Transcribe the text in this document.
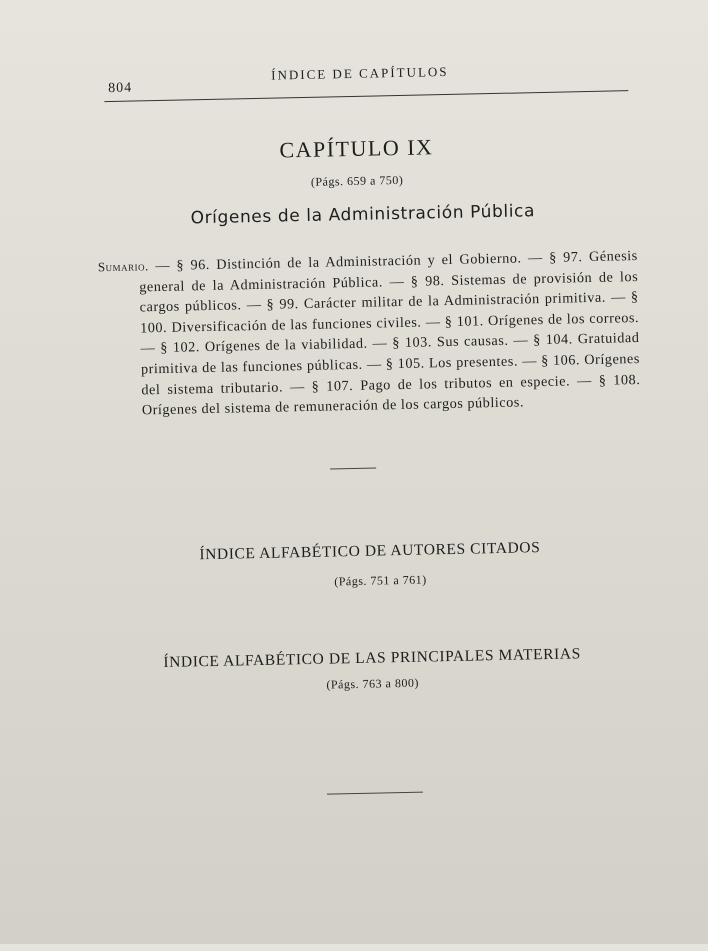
804
ÍNDICE DE CAPÍTULOS
CAPÍTULO IX
(Págs. 659 a 750)
Orígenes de la Administración Pública
Sumario. — § 96. Distinción de la Administración y el Gobierno. — § 97. Génesis general de la Administración Pública. — § 98. Sistemas de provisión de los cargos públicos. — § 99. Carácter militar de la Administración primitiva. — § 100. Diversificación de las funciones civiles. — § 101. Orígenes de los correos. — § 102. Orígenes de la viabilidad. — § 103. Sus causas. — § 104. Gratuidad primitiva de las funciones públicas. — § 105. Los presentes. — § 106. Orígenes del sistema tributario. — § 107. Pago de los tributos en especie. — § 108. Orígenes del sistema de remuneración de los cargos públicos.
ÍNDICE ALFABÉTICO DE AUTORES CITADOS
(Págs. 751 a 761)
ÍNDICE ALFABÉTICO DE LAS PRINCIPALES MATERIAS
(Págs. 763 a 800)
